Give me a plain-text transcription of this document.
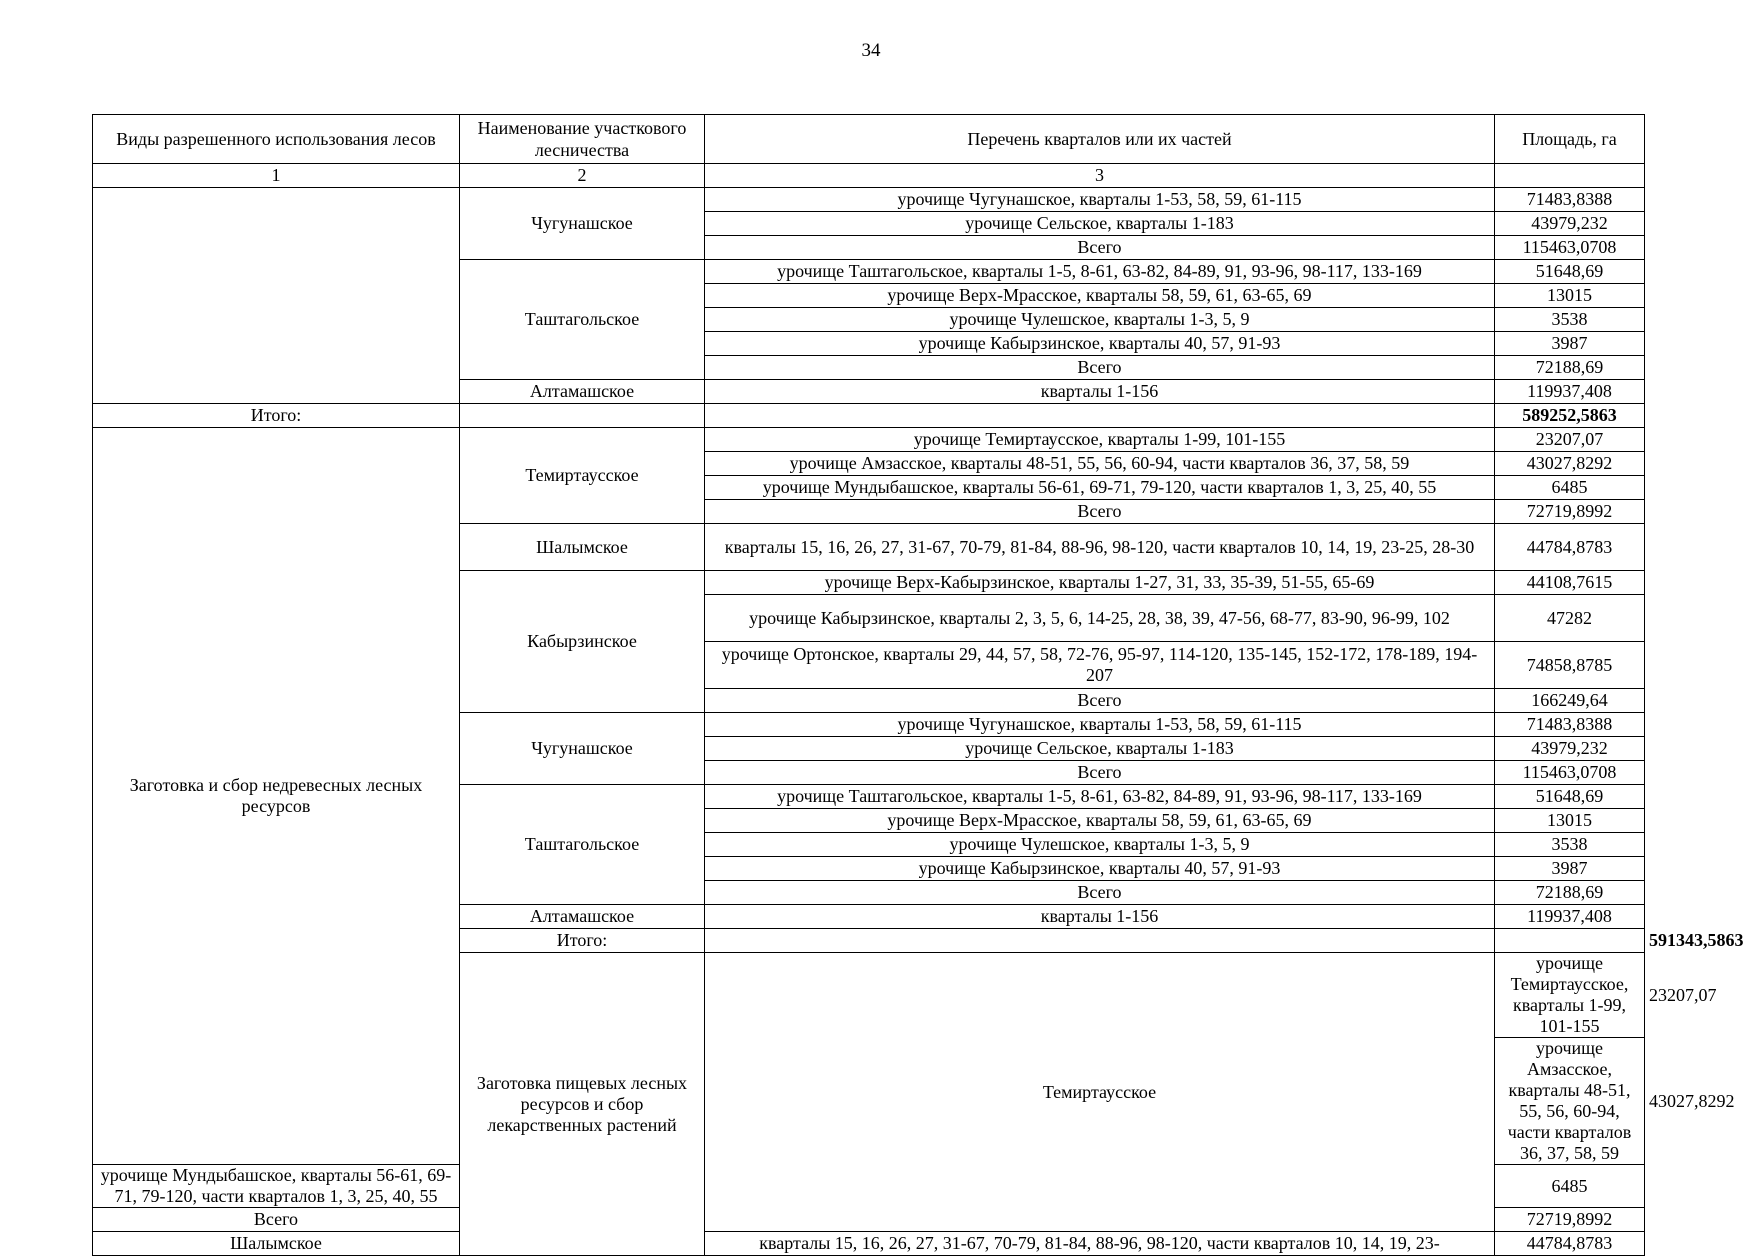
34
Виды разрешенного использования лесов	Наименование участкового лесничества	Перечень кварталов или их частей	Площадь, га	
1	2	3		
	Чугунашское	урочище Чугунашское, кварталы 1-53, 58, 59, 61-115	71483,8388	
		урочище Сельское, кварталы 1-183	43979,232	
		Всего	115463,0708	
	Таштагольское	урочище Таштагольское, кварталы 1-5, 8-61, 63-82, 84-89, 91, 93-96, 98-117, 133-169	51648,69	
		урочище Верх-Мрасское, кварталы 58, 59, 61, 63-65, 69	13015	
		урочище Чулешское, кварталы 1-3, 5, 9	3538	
		урочище Кабырзинское, кварталы 40, 57, 91-93	3987	
		Всего	72188,69	
	Алтамашское	кварталы 1-156	119937,408	
Итого:			589252,5863	
Заготовка и сбор недревесных лесных ресурсов	Темиртаусское	урочище Темиртаусское, кварталы 1-99, 101-155	23207,07	
		урочище Амзасское, кварталы 48-51, 55, 56, 60-94, части кварталов 36, 37, 58, 59	43027,8292	
		урочище Мундыбашское, кварталы 56-61, 69-71, 79-120, части кварталов 1, 3, 25, 40, 55	6485	
		Всего	72719,8992	
	Шалымское	кварталы 15, 16, 26, 27, 31-67, 70-79, 81-84, 88-96, 98-120, части кварталов 10, 14, 19, 23-25, 28-30	44784,8783	
	Кабырзинское	урочище Верх-Кабырзинское, кварталы 1-27, 31, 33, 35-39, 51-55, 65-69	44108,7615	
		урочище Кабырзинское, кварталы 2, 3, 5, 6, 14-25, 28, 38, 39, 47-56, 68-77, 83-90, 96-99, 102	47282	
		урочище Ортонское, кварталы 29, 44, 57, 58, 72-76, 95-97, 114-120, 135-145, 152-172, 178-189, 194-207	74858,8785	
		Всего	166249,64	
	Чугунашское	урочище Чугунашское, кварталы 1-53, 58, 59, 61-115	71483,8388	
		урочище Сельское, кварталы 1-183	43979,232	
		Всего	115463,0708	
	Таштагольское	урочище Таштагольское, кварталы 1-5, 8-61, 63-82, 84-89, 91, 93-96, 98-117, 133-169	51648,69	
		урочище Верх-Мрасское, кварталы 58, 59, 61, 63-65, 69	13015	
		урочище Чулешское, кварталы 1-3, 5, 9	3538	
		урочище Кабырзинское, кварталы 40, 57, 91-93	3987	
		Всего	72188,69	
	Алтамашское	кварталы 1-156	119937,408	
	Итого:			591343,5863
	Заготовка пищевых лесных ресурсов и сбор лекарственных растений	Темиртаусское	урочище Темиртаусское, кварталы 1-99, 101-155	23207,07
			урочище Амзасское, кварталы 48-51, 55, 56, 60-94, части кварталов 36, 37, 58, 59	43027,8292
урочище Мундыбашское, кварталы 56-61, 69-71, 79-120, части кварталов 1, 3, 25, 40, 55			6485	
Всего			72719,8992	
Шалымское		кварталы 15, 16, 26, 27, 31-67, 70-79, 81-84, 88-96, 98-120, части кварталов 10, 14, 19, 23-	44784,8783	
